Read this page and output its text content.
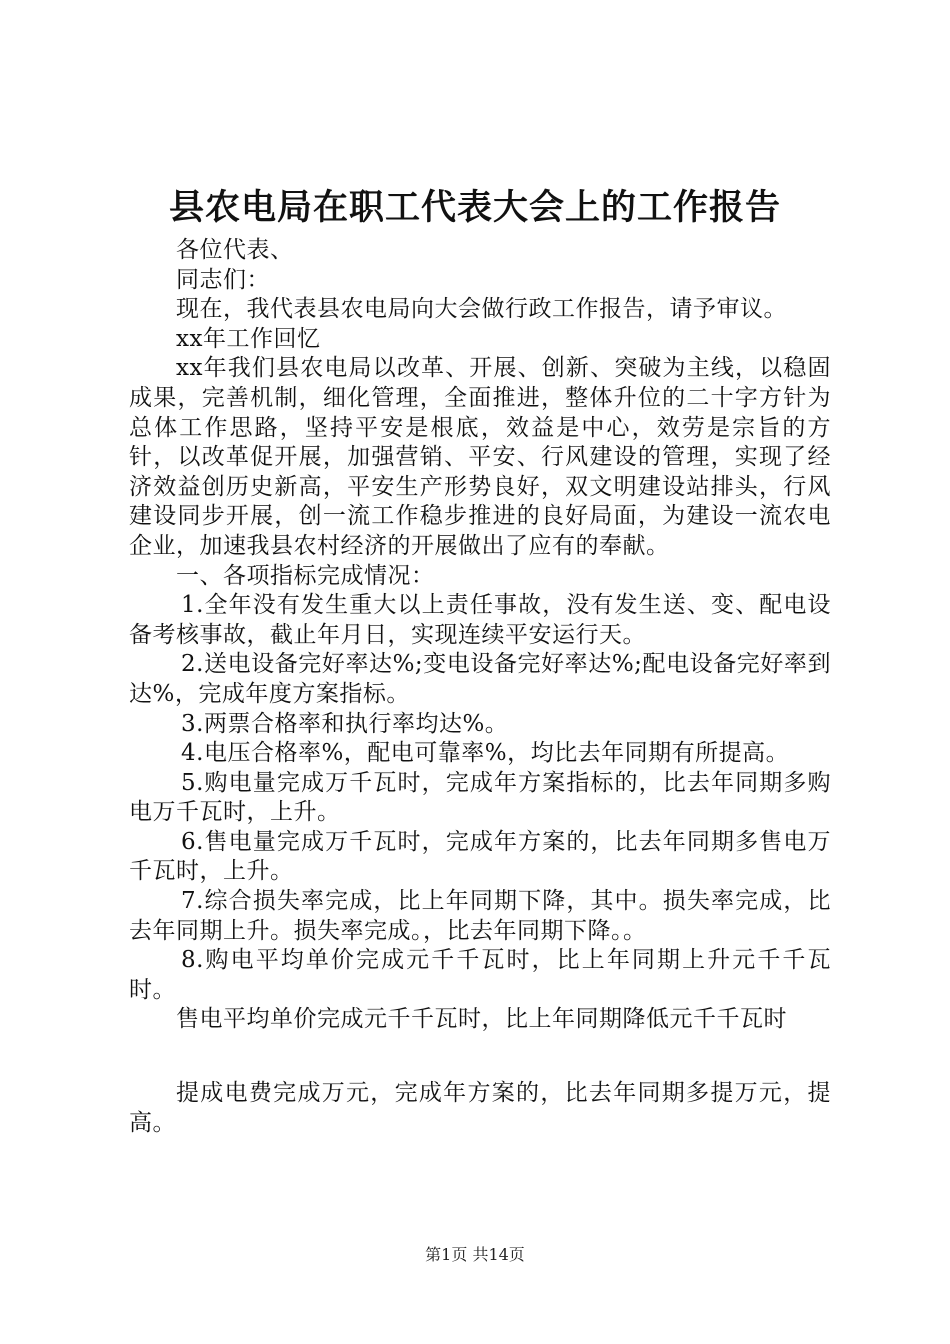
县农电局在职工代表大会上的工作报告

各位代表、

同志们：

现在，我代表县农电局向大会做行政工作报告，请予审议。

xx年工作回忆

xx年我们县农电局以改革、开展、创新、突破为主线，以稳固成果，完善机制，细化管理，全面推进，整体升位的二十字方针为总体工作思路，坚持平安是根底，效益是中心，效劳是宗旨的方针，以改革促开展，加强营销、平安、行风建设的管理，实现了经济效益创历史新高，平安生产形势良好，双文明建设站排头，行风建设同步开展，创一流工作稳步推进的良好局面，为建设一流农电企业，加速我县农村经济的开展做出了应有的奉献。

一、各项指标完成情况：

1.全年没有发生重大以上责任事故，没有发生送、变、配电设备考核事故，截止年月日，实现连续平安运行天。

2.送电设备完好率达%;变电设备完好率达%;配电设备完好率到达%，完成年度方案指标。

3.两票合格率和执行率均达%。

4.电压合格率%，配电可靠率%，均比去年同期有所提高。

5.购电量完成万千瓦时，完成年方案指标的，比去年同期多购电万千瓦时，上升。

6.售电量完成万千瓦时，完成年方案的，比去年同期多售电万千瓦时，上升。

7.综合损失率完成，比上年同期下降，其中。损失率完成，比去年同期上升。损失率完成。，比去年同期下降。。

8.购电平均单价完成元千千瓦时，比上年同期上升元千千瓦时。

售电平均单价完成元千千瓦时，比上年同期降低元千千瓦时

提成电费完成万元，完成年方案的，比去年同期多提万元，提高。

第1页 共14页
